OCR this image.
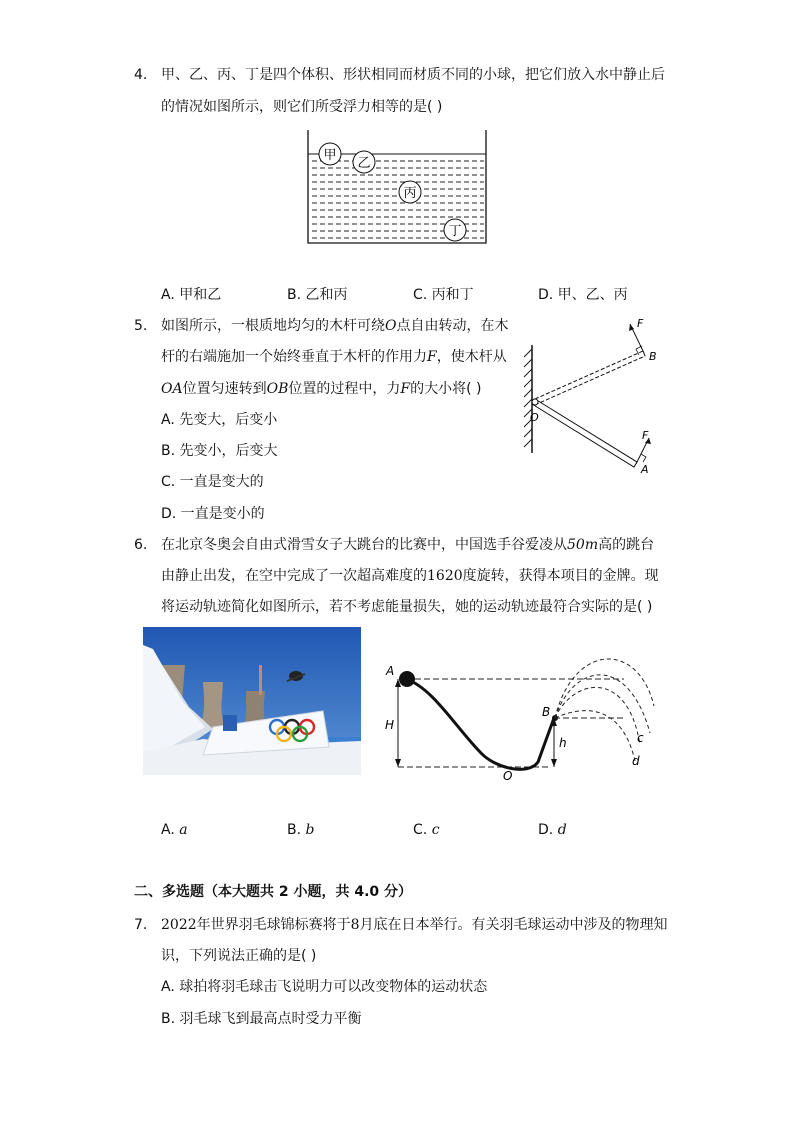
4. 甲、乙、丙、丁是四个体积、形状相同而材质不同的小球，把它们放入水中静止后
的情况如图所示，则它们所受浮力相等的是( )
甲
乙
丙
丁
A. 甲和乙	B. 乙和丙	C. 丙和丁	D. 甲、乙、丙
5. 如图所示，一根质地均匀的木杆可绕O点自由转动，在木
杆的右端施加一个始终垂直于木杆的作用力F，使木杆从
OA位置匀速转到OB位置的过程中，力F的大小将( )
A. 先变大，后变小
B. 先变小，后变大
C. 一直是变大的
D. 一直是变小的
F
F
B
A
O
6. 在北京冬奥会自由式滑雪女子大跳台的比赛中，中国选手谷爱凌从50m高的跳台
由静止出发，在空中完成了一次超高难度的1620度旋转，获得本项目的金牌。现
将运动轨迹简化如图所示，若不考虑能量损失，她的运动轨迹最符合实际的是( )
A
H
B
h
O
c
d
A. a	B. b	C. c	D. d
二、多选题（本大题共 2 小题，共 4.0 分）
7. 2022年世界羽毛球锦标赛将于8月底在日本举行。有关羽毛球运动中涉及的物理知
识，下列说法正确的是( )
A. 球拍将羽毛球击飞说明力可以改变物体的运动状态
B. 羽毛球飞到最高点时受力平衡
